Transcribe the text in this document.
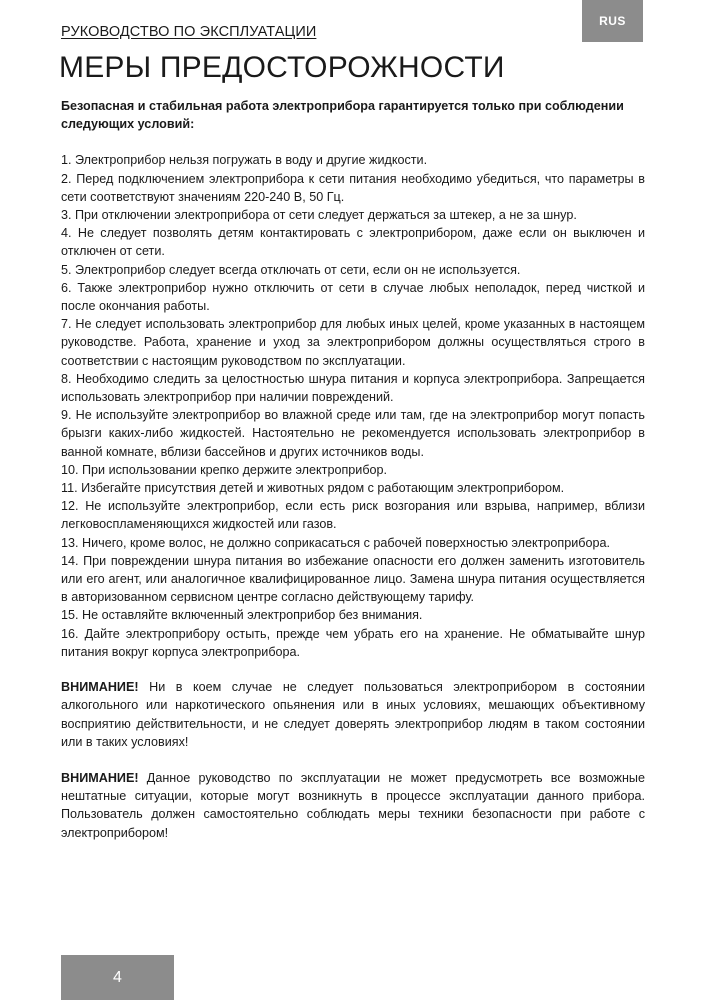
RUS
РУКОВОДСТВО ПО ЭКСПЛУАТАЦИИ
МЕРЫ ПРЕДОСТОРОЖНОСТИ

Безопасная и стабильная работа электроприбора гарантируется только при соблюдении следующих условий:

1. Электроприбор нельзя погружать в воду и другие жидкости.
2. Перед подключением электроприбора к сети питания необходимо убедиться, что параметры в сети соответствуют значениям 220-240 В, 50 Гц.
3. При отключении электроприбора от сети следует держаться за штекер, а не за шнур.
4. Не следует позволять детям контактировать с электроприбором, даже если он выключен и отключен от сети.
5. Электроприбор следует всегда отключать от сети, если он не используется.
6. Также электроприбор нужно отключить от сети в случае любых неполадок, перед чисткой и после окончания работы.
7. Не следует использовать электроприбор для любых иных целей, кроме указанных в настоящем руководстве. Работа, хранение и уход за электроприбором должны осуществляться строго в соответствии с настоящим руководством по эксплуатации.
8. Необходимо следить за целостностью шнура питания и корпуса электроприбора. Запрещается использовать электроприбор при наличии повреждений.
9. Не используйте электроприбор во влажной среде или там, где на электроприбор могут попасть брызги каких-либо жидкостей. Настоятельно не рекомендуется использовать электроприбор в ванной комнате, вблизи бассейнов и других источников воды.
10. При использовании крепко держите электроприбор.
11. Избегайте присутствия детей и животных рядом с работающим электроприбором.
12. Не используйте электроприбор, если есть риск возгорания или взрыва, например, вблизи легковоспламеняющихся жидкостей или газов.
13. Ничего, кроме волос, не должно соприкасаться с рабочей поверхностью электроприбора.
14. При повреждении шнура питания во избежание опасности его должен заменить изготовитель или его агент, или аналогичное квалифицированное лицо. Замена шнура питания осуществляется в авторизованном сервисном центре согласно действующему тарифу.
15. Не оставляйте включенный электроприбор без внимания.
16. Дайте электроприбору остыть, прежде чем убрать его на хранение. Не обматывайте шнур питания вокруг корпуса электроприбора.

ВНИМАНИЕ! Ни в коем случае не следует пользоваться электроприбором в состоянии алкогольного или наркотического опьянения или в иных условиях, мешающих объективному восприятию действительности, и не следует доверять электроприбор людям в таком состоянии или в таких условиях!

ВНИМАНИЕ! Данное руководство по эксплуатации не может предусмотреть все возможные нештатные ситуации, которые могут возникнуть в процессе эксплуатации данного прибора. Пользователь должен самостоятельно соблюдать меры техники безопасности при работе с электроприбором!

4
